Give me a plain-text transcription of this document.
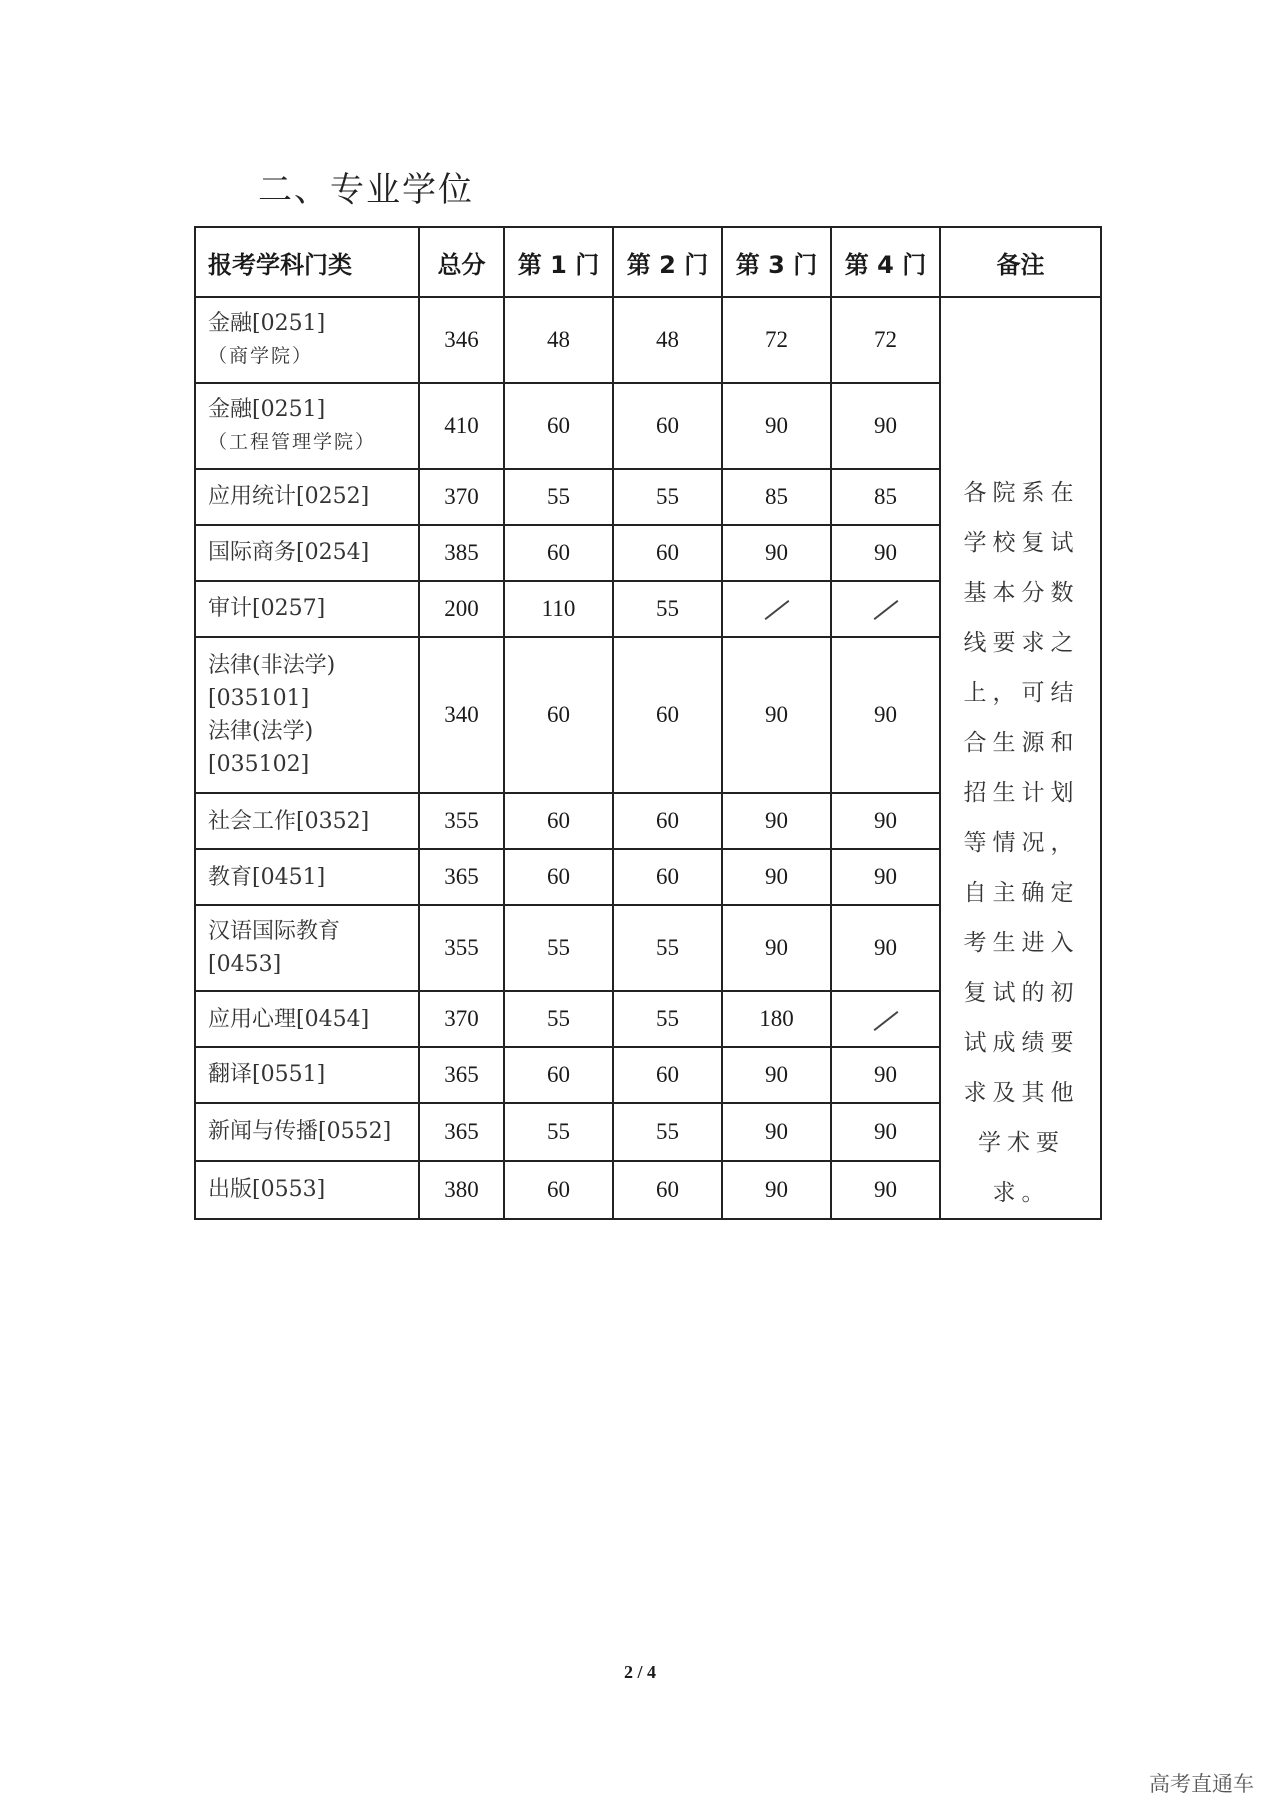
二、专业学位
报考学科门类	总分	第 1 门	第 2 门	第 3 门	第 4 门	备注

金融[0251]
（商学院）	346	48	48	72	72	各院系在学校复试基本分数线要求之上，可结合生源和招生计划等情况，自主确定考生进入复试的初试成绩要求及其他学术要求。

金融[0251]
（工程管理学院）	410	60	60	90	90	

应用统计[0252]	370	55	55	85	85	

国际商务[0254]	385	60	60	90	90	

审计[0257]	200	110	55			

法律(非法学)
[035101]
法律(法学)
[035102]	340	60	60	90	90	

社会工作[0352]	355	60	60	90	90	

教育[0451]	365	60	60	90	90	

汉语国际教育
[0453]	355	55	55	90	90	

应用心理[0454]	370	55	55	180		

翻译[0551]	365	60	60	90	90	

新闻与传播[0552]	365	55	55	90	90	

出版[0553]	380	60	60	90	90	
2 / 4
高考直通车
